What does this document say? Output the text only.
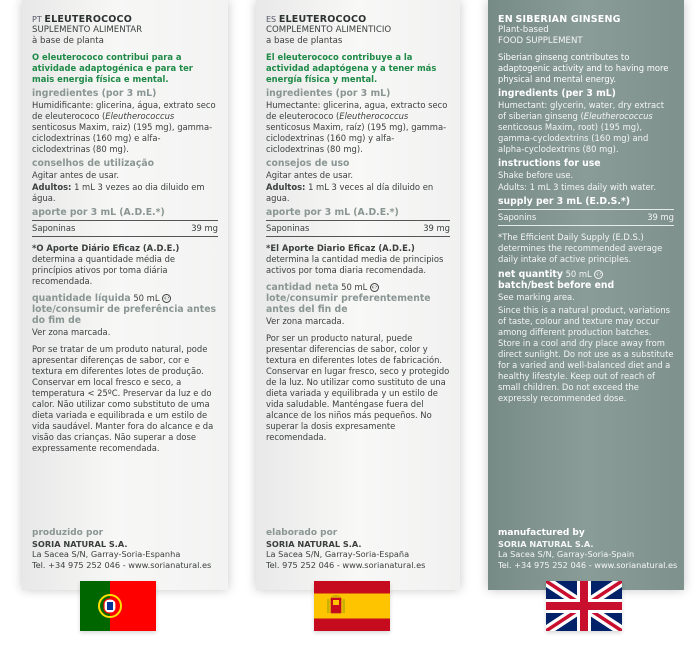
PT ELEUTEROCOCO
SUPLEMENTO ALIMENTAR
à base de planta
O eleuterococo contribui para a atividade adaptogénica e para ter mais energia física e mental.
ingredientes (por 3 mL)
Humidificante: glicerina, água, extrato seco de eleuterococo (Eleutherococcus senticosus Maxim, raiz) (195 mg), gamma-ciclodextrinas (160 mg) e alfa-ciclodextrinas (80 mg).
conselhos de utilização
Agitar antes de usar.
Adultos: 1 mL 3 vezes ao dia diluido em água.
aporte por 3 mL (A.D.E.*)
Saponinas	39 mg
*O Aporte Diário Eficaz (A.D.E.) determina a quantidade média de princípios ativos por toma diária recomendada.
quantidade líquida 50 mL ℮
lote/consumir de preferência antes do fim de
Ver zona marcada.
Por se tratar de um produto natural, pode apresentar diferenças de sabor, cor e textura em diferentes lotes de produção. Conservar em local fresco e seco, a temperatura < 25ºC. Preservar da luz e do calor. Não utilizar como substituto de uma dieta variada e equilibrada e um estilo de vida saudável. Manter fora do alcance e da visão das crianças. Não superar a dose expressamente recomendada.
produzido por
SORIA NATURAL S.A.
La Sacea S/N, Garray-Soria-Espanha
Tel. +34 975 252 046 - www.sorianatural.es
ES ELEUTEROCOCO
COMPLEMENTO ALIMENTICIO
a base de plantas
El eleuterococo contribuye a la actividad adaptógena y a tener más energía física y mental.
ingredientes (por 3 mL)
Humectante: glicerina, agua, extracto seco de eleuterococo (Eleutherococcus senticosus Maxim, raíz) (195 mg), gamma-ciclodextrinas (160 mg) y alfa-ciclodextrinas (80 mg).
consejos de uso
Agitar antes de usar.
Adultos: 1 mL 3 veces al día diluido en agua.
aporte por 3 mL (A.D.E.*)
Saponinas	39 mg
*El Aporte Diario Eficaz (A.D.E.) determina la cantidad media de principios activos por toma diaria recomendada.
cantidad neta 50 mL ℮
lote/consumir preferentemente antes del fin de
Ver zona marcada.
Por ser un producto natural, puede presentar diferencias de sabor, color y textura en diferentes lotes de fabricación. Conservar en lugar fresco, seco y protegido de la luz. No utilizar como sustituto de una dieta variada y equilibrada y un estilo de vida saludable. Manténgase fuera del alcance de los niños más pequeños. No superar la dosis expresamente recomendada.
elaborado por
SORIA NATURAL S.A.
La Sacea S/N, Garray-Soria-España
Tel. 975 252 046 - www.sorianatural.es
EN SIBERIAN GINSENG
Plant-based
FOOD SUPPLEMENT
Siberian ginseng contributes to adaptogenic activity and to having more physical and mental energy.
ingredients (per 3 mL)
Humectant: glycerin, water, dry extract of siberian ginseng (Eleutherococcus senticosus Maxim, root) (195 mg), gamma-cyclodextrins (160 mg) and alpha-cyclodextrins (80 mg).
instructions for use
Shake before use.
Adults: 1 mL 3 times daily with water.
supply per 3 mL (E.D.S.*)
Saponins	39 mg
*The Efficient Daily Supply (E.D.S.) determines the recommended average daily intake of active principles.
net quantity 50 mL ℮
batch/best before end
See marking area.
Since this is a natural product, variations of taste, colour and texture may occur among different production batches. Store in a cool and dry place away from direct sunlight. Do not use as a substitute for a varied and well-balanced diet and a healthy lifestyle. Keep out of reach of small children. Do not exceed the expressly recommended dose.
manufactured by
SORIA NATURAL S.A.
La Sacea S/N, Garray-Soria-Spain
Tel. +34 975 252 046 - www.sorianatural.es
